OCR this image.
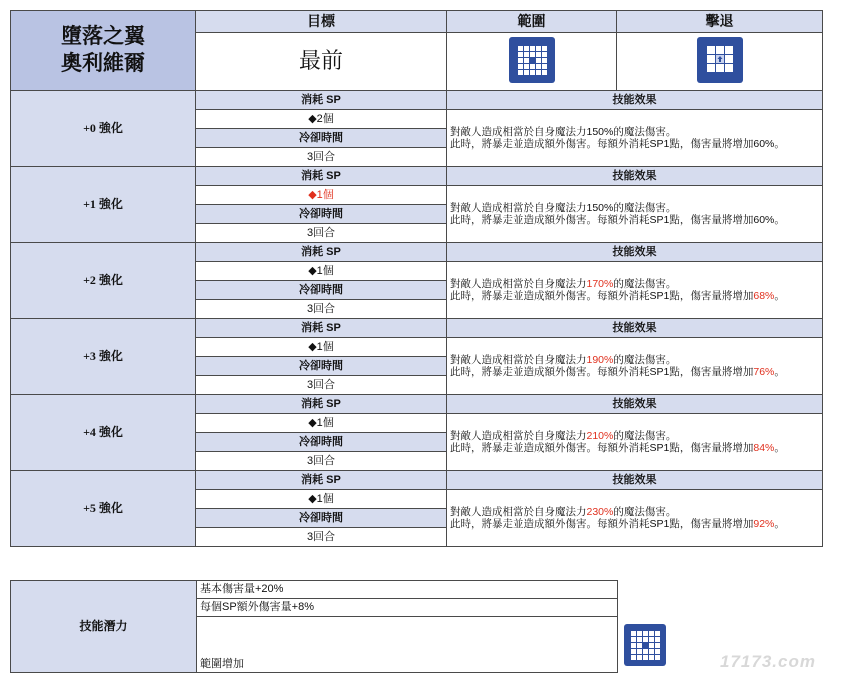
墮落之翼
奧利維爾	目標	範圍	擊退
	最前		
+0 強化	消耗 SP	技能效果	
	◆2個	對敵人造成相當於自身魔法力150%的魔法傷害。
此時，將暴走並造成額外傷害。每額外消耗SP1點，傷害量將增加60%。	
	冷卻時間		
	3回合		
+1 強化	消耗 SP	技能效果	
	◆1個	對敵人造成相當於自身魔法力150%的魔法傷害。
此時，將暴走並造成額外傷害。每額外消耗SP1點，傷害量將增加60%。	
	冷卻時間		
	3回合		
+2 強化	消耗 SP	技能效果	
	◆1個	對敵人造成相當於自身魔法力170%的魔法傷害。
此時，將暴走並造成額外傷害。每額外消耗SP1點，傷害量將增加68%。	
	冷卻時間		
	3回合		
+3 強化	消耗 SP	技能效果	
	◆1個	對敵人造成相當於自身魔法力190%的魔法傷害。
此時，將暴走並造成額外傷害。每額外消耗SP1點，傷害量將增加76%。	
	冷卻時間		
	3回合		
+4 強化	消耗 SP	技能效果	
	◆1個	對敵人造成相當於自身魔法力210%的魔法傷害。
此時，將暴走並造成額外傷害。每額外消耗SP1點，傷害量將增加84%。	
	冷卻時間		
	3回合		
+5 強化	消耗 SP	技能效果	
	◆1個	對敵人造成相當於自身魔法力230%的魔法傷害。
此時，將暴走並造成額外傷害。每額外消耗SP1點，傷害量將增加92%。	
	冷卻時間		
	3回合		
技能潛力	基本傷害量+20%
每個SP額外傷害量+8%
範圍增加	17173.com
